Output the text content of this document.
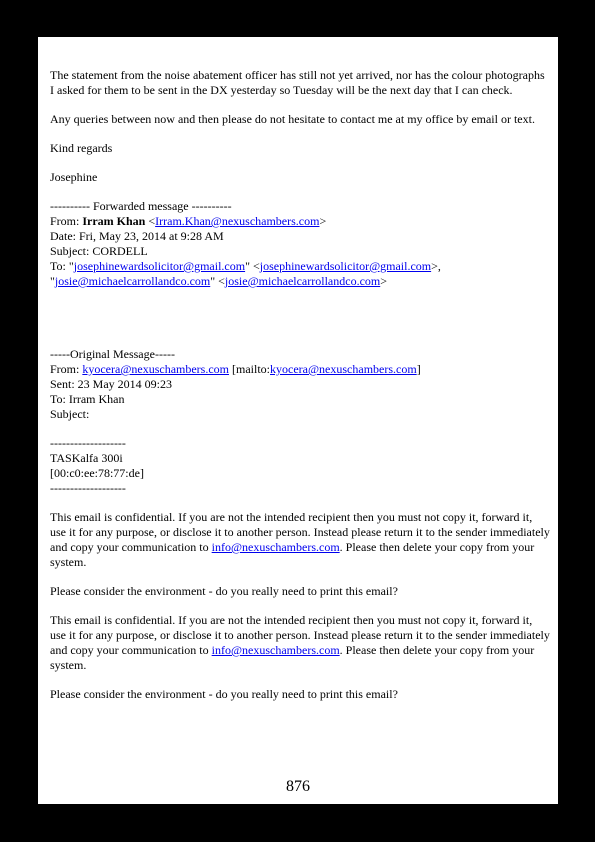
The statement from the noise abatement officer has still not yet arrived, nor has the colour photographs I asked for them to be sent in the DX yesterday so Tuesday will be the next day that I can check.

Any queries between now and then please do not hesitate to contact me at my office by email or text.

Kind regards

Josephine

---------- Forwarded message ----------

From: Irram Khan <Irram.Khan@nexuschambers.com>

Date: Fri, May 23, 2014 at 9:28 AM

Subject: CORDELL

To: "josephinewardsolicitor@gmail.com" <josephinewardsolicitor@gmail.com>,
"josie@michaelcarrollandco.com" <josie@michaelcarrollandco.com>

-----Original Message-----

From: kyocera@nexuschambers.com [mailto:kyocera@nexuschambers.com]

Sent: 23 May 2014 09:23

To: Irram Khan

Subject:

-------------------

TASKalfa 300i

[00:c0:ee:78:77:de]

-------------------

This email is confidential. If you are not the intended recipient then you must not copy it, forward it, use it for any purpose, or disclose it to another person. Instead please return it to the sender immediately and copy your communication to info@nexuschambers.com. Please then delete your copy from your system.

Please consider the environment - do you really need to print this email?

This email is confidential. If you are not the intended recipient then you must not copy it, forward it, use it for any purpose, or disclose it to another person. Instead please return it to the sender immediately and copy your communication to info@nexuschambers.com. Please then delete your copy from your system.

Please consider the environment - do you really need to print this email?

876
